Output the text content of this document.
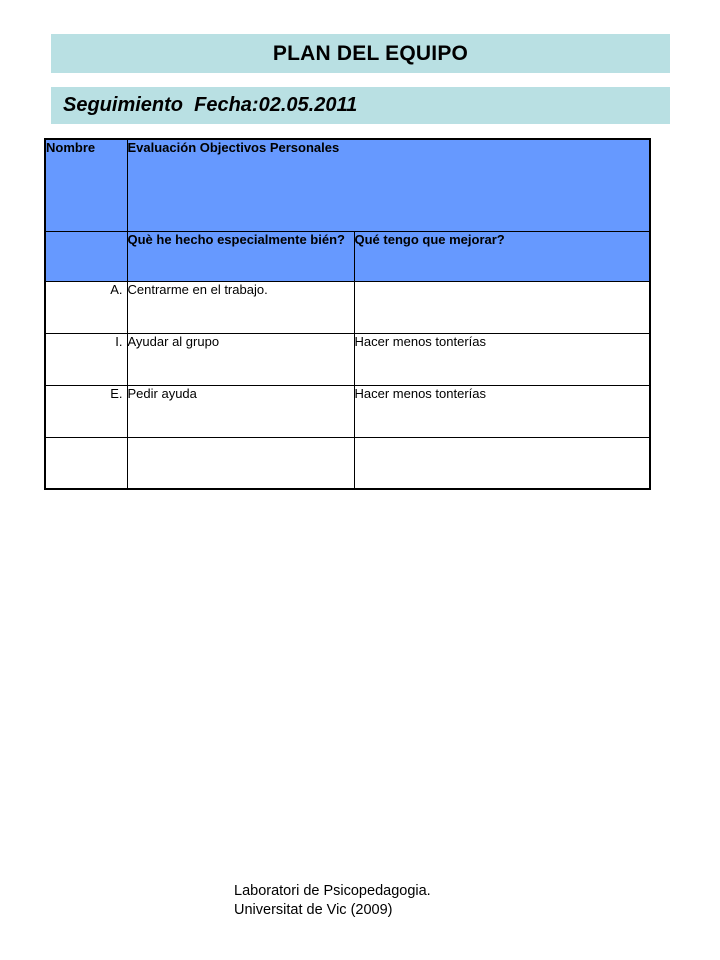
PLAN DEL EQUIPO
Seguimiento  Fecha:02.05.2011
Nombre	Evaluación Objectivos Personales	
	Què he hecho especialmente bién?	Qué tengo que mejorar?
A.	Centrarme en el trabajo.	
I.	Ayudar al grupo	Hacer menos tonterías
E.	Pedir ayuda	Hacer menos tonterías

Laboratori de Psicopedagogia.
Universitat de Vic (2009)
